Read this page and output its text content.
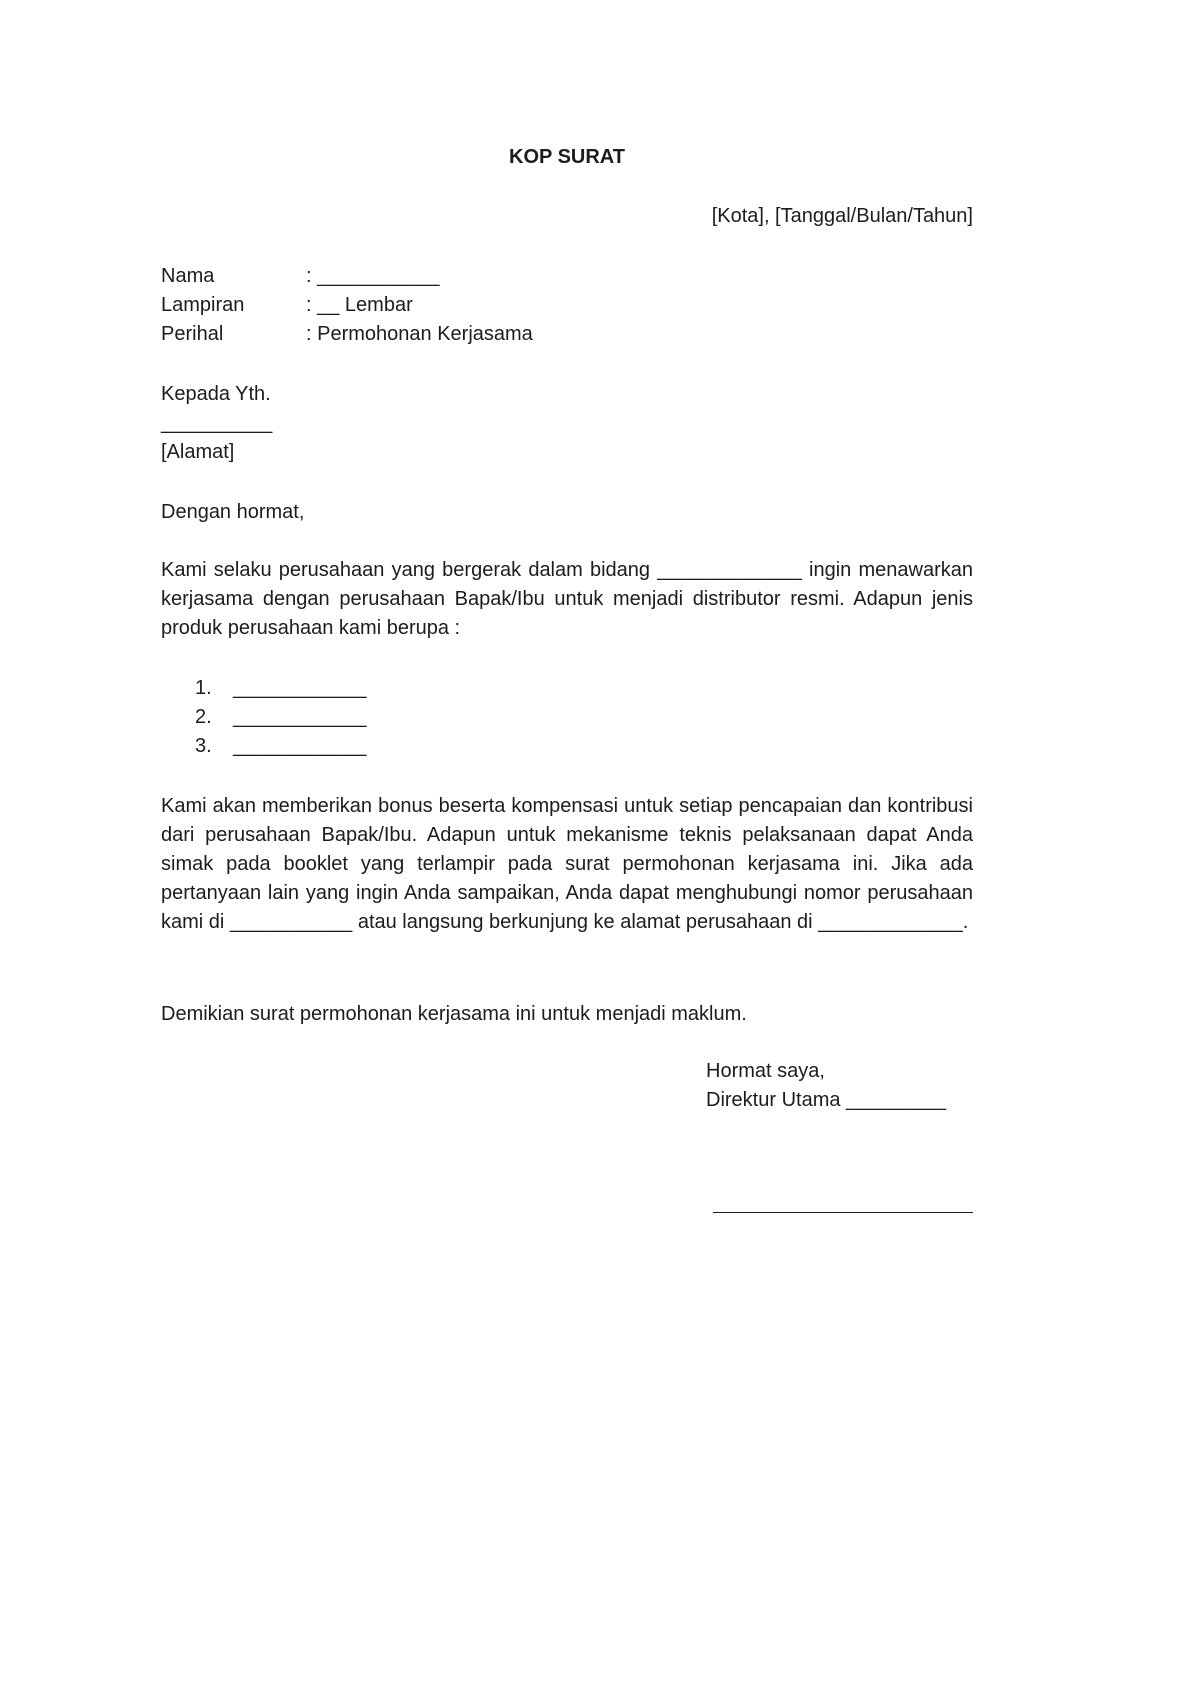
KOP SURAT
[Kota], [Tanggal/Bulan/Tahun]
Nama	: ___________
Lampiran	: __ Lembar
Perihal	: Permohonan Kerjasama
Kepada Yth.
__________
[Alamat]
Dengan hormat,
Kami selaku perusahaan yang bergerak dalam bidang _____________ ingin menawarkan kerjasama dengan perusahaan Bapak/Ibu untuk menjadi distributor resmi. Adapun jenis produk perusahaan kami berupa :
1.	____________
2.	____________
3.	____________
Kami akan memberikan bonus beserta kompensasi untuk setiap pencapaian dan kontribusi dari perusahaan Bapak/Ibu. Adapun untuk mekanisme teknis pelaksanaan dapat Anda simak pada booklet yang terlampir pada surat permohonan kerjasama ini. Jika ada pertanyaan lain yang ingin Anda sampaikan, Anda dapat menghubungi nomor perusahaan kami di ___________ atau langsung berkunjung ke alamat perusahaan di _____________.
Demikian surat permohonan kerjasama ini untuk menjadi maklum.
Hormat saya,
Direktur Utama _________
